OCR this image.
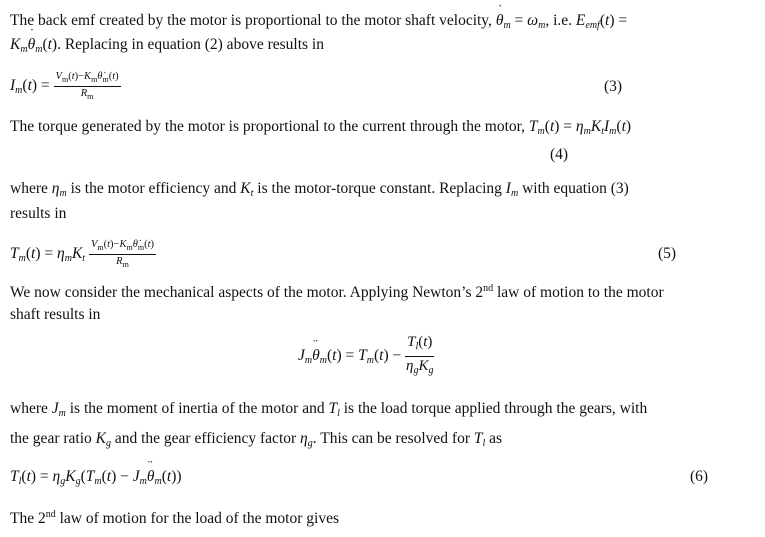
The back emf created by the motor is proportional to the motor shaft velocity, ˙ $\theta_m = \omega_m$, i.e. $E_{emf}(t)$ =
$K_m˙$ $\theta_m(t)$. Replacing in equation (2) above results in
$I_m(t) = \frac{V_m(t)-K_m\thetȧ_m(t)}{R_m}$	(3)
The torque generated by the motor is proportional to the current through the motor, $T_m(t) = \eta_mK_tI_m(t)$
(4)
where $\eta_m$ is the motor efficiency and $K_t$ is the motor-torque constant. Replacing $I_m$ with equation (3)
results in
$T_m(t) = \eta_mK_t \frac{V_m(t)-K_m\thetȧ_m(t)}{R_m}$	(5)
We now consider the mechanical aspects of the motor. Applying Newton’s 2nd law of motion to the motor
shaft results in
$J_m¨$ $\theta_m(t) = T_m(t) - \frac{T_l(t)}{\eta_gK_g}$
where $J_m$ is the moment of inertia of the motor and $T_l$ is the load torque applied through the gears, with
the gear ratio $K_g$ and the gear efficiency factor $\eta_g$. This can be resolved for $T_l$ as
$T_l(t) = \eta_gK_g(T_m(t)$ − $J_m¨$ $\theta_m(t)$)	(6)
The 2nd law of motion for the load of the motor gives
